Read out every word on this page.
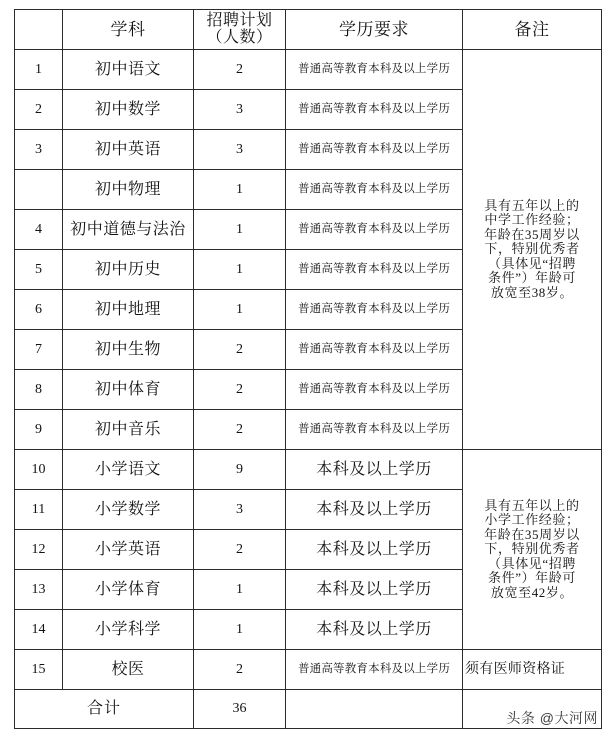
	学科	招聘计划
（人数）	学历要求	备注
1	初中语文	2	普通高等教育本科及以上学历	
具有五年以上的
中学工作经验；
年龄在35周岁以
下，特别优秀者
（具体见“招聘
条件”）年龄可
放宽至38岁。

2	初中数学	3	普通高等教育本科及以上学历	
3	初中英语	3	普通高等教育本科及以上学历	
	初中物理	1	普通高等教育本科及以上学历	
4	初中道德与法治	1	普通高等教育本科及以上学历	
5	初中历史	1	普通高等教育本科及以上学历	
6	初中地理	1	普通高等教育本科及以上学历	
7	初中生物	2	普通高等教育本科及以上学历	
8	初中体育	2	普通高等教育本科及以上学历	
9	初中音乐	2	普通高等教育本科及以上学历	
10	小学语文	9	本科及以上学历	
具有五年以上的
小学工作经验；
年龄在35周岁以
下，特别优秀者
（具体见“招聘
条件”）年龄可
放宽至42岁。

11	小学数学	3	本科及以上学历	
12	小学英语	2	本科及以上学历	
13	小学体育	1	本科及以上学历	
14	小学科学	1	本科及以上学历	
15	校医	2	普通高等教育本科及以上学历	须有医师资格证
合计		36		头条 @大河网
